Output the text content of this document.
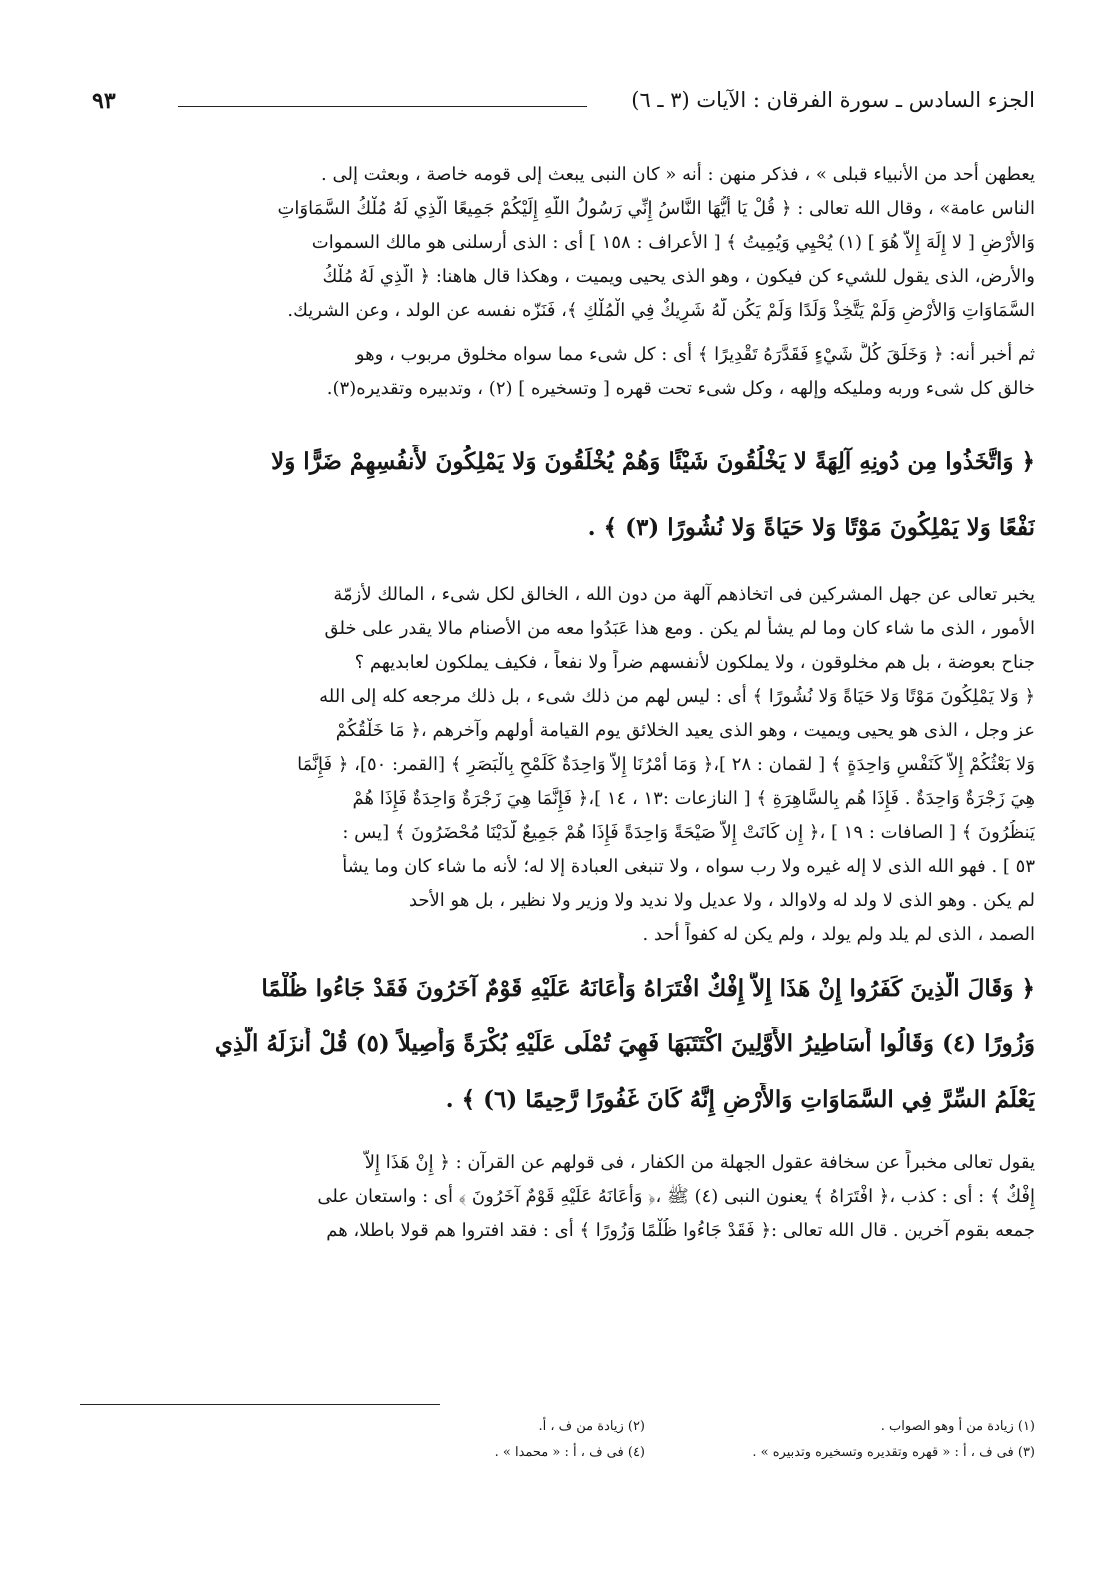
الجزء السادس ـ سورة الفرقان : الآيات (٣ ـ ٦)
٩٣
يعطهن أحد من الأنبياء قبلى » ، فذكر منهن : أنه « كان النبى يبعث إلى قومه خاصة ، وبعثت إلى .
الناس عامة» ، وقال الله تعالى : ﴿ قُلْ يَا أَيُّهَا النَّاسُ إِنِّي رَسُولُ اللَّهِ إِلَيْكُمْ جَمِيعًا الَّذِي لَهُ مُلْكُ السَّمَاوَاتِ
وَالأَرْضِ [ لا إِلَهَ إِلاَّ هُوَ ] (١) يُحْيِي وَيُمِيتُ ﴾ [ الأعراف : ١٥٨ ] أى : الذى أرسلنى هو مالك السموات
والأرض، الذى يقول للشيء كن فيكون ، وهو الذى يحيى ويميت ، وهكذا قال هاهنا: ﴿ الَّذِي لَهُ مُلْكُ
السَّمَاوَاتِ وَالأَرْضِ وَلَمْ يَتَّخِذْ وَلَدًا وَلَمْ يَكُن لَّهُ شَرِيكٌ فِي الْمُلْكِ ﴾، فَنَزّه نفسه عن الولد ، وعن الشريك.
ثم أخبر أنه: ﴿ وَخَلَقَ كُلَّ شَيْءٍ فَقَدَّرَهُ تَقْدِيرًا ﴾ أى : كل شىء مما سواه مخلوق مربوب ، وهو
خالق كل شىء وربه ومليكه وإلهه ، وكل شىء تحت قهره [ وتسخيره ] (٢) ، وتدبيره وتقديره(٣).
﴿ وَاتَّخَذُوا مِن دُونِهِ آلِهَةً لا يَخْلُقُونَ شَيْئًا وَهُمْ يُخْلَقُونَ وَلا يَمْلِكُونَ لأَنفُسِهِمْ ضَرًّا وَلا
نَفْعًا وَلا يَمْلِكُونَ مَوْتًا وَلا حَيَاةً وَلا نُشُورًا (٣) ﴾ .
يخبر تعالى عن جهل المشركين فى اتخاذهم آلهة من دون الله ، الخالق لكل شىء ، المالك لأزمّة
الأمور ، الذى ما شاء كان وما لم يشأ لم يكن . ومع هذا عَبَدُوا معه من الأصنام مالا يقدر على خلق
جناح بعوضة ، بل هم مخلوقون ، ولا يملكون لأنفسهم ضراً ولا نفعاً ، فكيف يملكون لعابديهم ؟
﴿ وَلا يَمْلِكُونَ مَوْتًا وَلا حَيَاةً وَلا نُشُورًا ﴾ أى : ليس لهم من ذلك شىء ، بل ذلك مرجعه كله إلى الله
عز وجل ، الذى هو يحيى ويميت ، وهو الذى يعيد الخلائق يوم القيامة أولهم وآخرهم ،﴿ مَا خَلْقُكُمْ
وَلا بَعْثُكُمْ إِلاَّ كَنَفْسٍ وَاحِدَةٍ ﴾ [ لقمان : ٢٨ ]،﴿ وَمَا أَمْرُنَا إِلاَّ وَاحِدَةٌ كَلَمْحٍ بِالْبَصَرِ ﴾ [القمر: ٥٠]، ﴿ فَإِنَّمَا
هِيَ زَجْرَةٌ وَاحِدَةٌ . فَإِذَا هُم بِالسَّاهِرَةِ ﴾ [ النازعات :١٣ ، ١٤ ]،﴿ فَإِنَّمَا هِيَ زَجْرَةٌ وَاحِدَةٌ فَإِذَا هُمْ
يَنظُرُونَ ﴾ [ الصافات : ١٩ ] ،﴿ إِن كَانَتْ إِلاَّ صَيْحَةً وَاحِدَةً فَإِذَا هُمْ جَمِيعٌ لَّدَيْنَا مُحْضَرُونَ ﴾ [يس :
٥٣ ] . فهو الله الذى لا إله غيره ولا رب سواه ، ولا تنبغى العبادة إلا له؛ لأنه ما شاء كان وما يشأ
لم يكن . وهو الذى لا ولد له ولاوالد ، ولا عديل ولا نديد ولا وزير ولا نظير ، بل هو الأحد
الصمد ، الذى لم يلد ولم يولد ، ولم يكن له كفواً أحد .
﴿ وَقَالَ الَّذِينَ كَفَرُوا إِنْ هَذَا إِلاَّ إِفْكٌ افْتَرَاهُ وَأَعَانَهُ عَلَيْهِ قَوْمٌ آخَرُونَ فَقَدْ جَاءُوا ظُلْمًا
وَزُورًا (٤) وَقَالُوا أَسَاطِيرُ الأَوَّلِينَ اكْتَتَبَهَا فَهِيَ تُمْلَى عَلَيْهِ بُكْرَةً وَأَصِيلاً (٥) قُلْ أَنزَلَهُ الَّذِي
يَعْلَمُ السِّرَّ فِي السَّمَاوَاتِ وَالأَرْضِ إِنَّهُ كَانَ غَفُورًا رَّحِيمًا (٦) ﴾ .
يقول تعالى مخبراً عن سخافة عقول الجهلة من الكفار ، فى قولهم عن القرآن : ﴿ إِنْ هَذَا إِلاَّ
إِفْكٌ ﴾ : أى : كذب ،﴿ افْتَرَاهُ ﴾ يعنون النبى (٤) ﷺ ،﴿ وَأَعَانَهُ عَلَيْهِ قَوْمٌ آخَرُونَ ﴾ أى : واستعان على
جمعه بقوم آخرين . قال الله تعالى :﴿ فَقَدْ جَاءُوا ظُلْمًا وَزُورًا ﴾ أى : فقد افتروا هم قولا باطلا، هم
(١) زيادة من أ وهو الصواب .
(٢) زيادة من ف ، أ.
(٣) فى ف ، أ : « قهره وتقديره وتسخيره وتدبيره » .
(٤) فى ف ، أ : « محمدا » .
